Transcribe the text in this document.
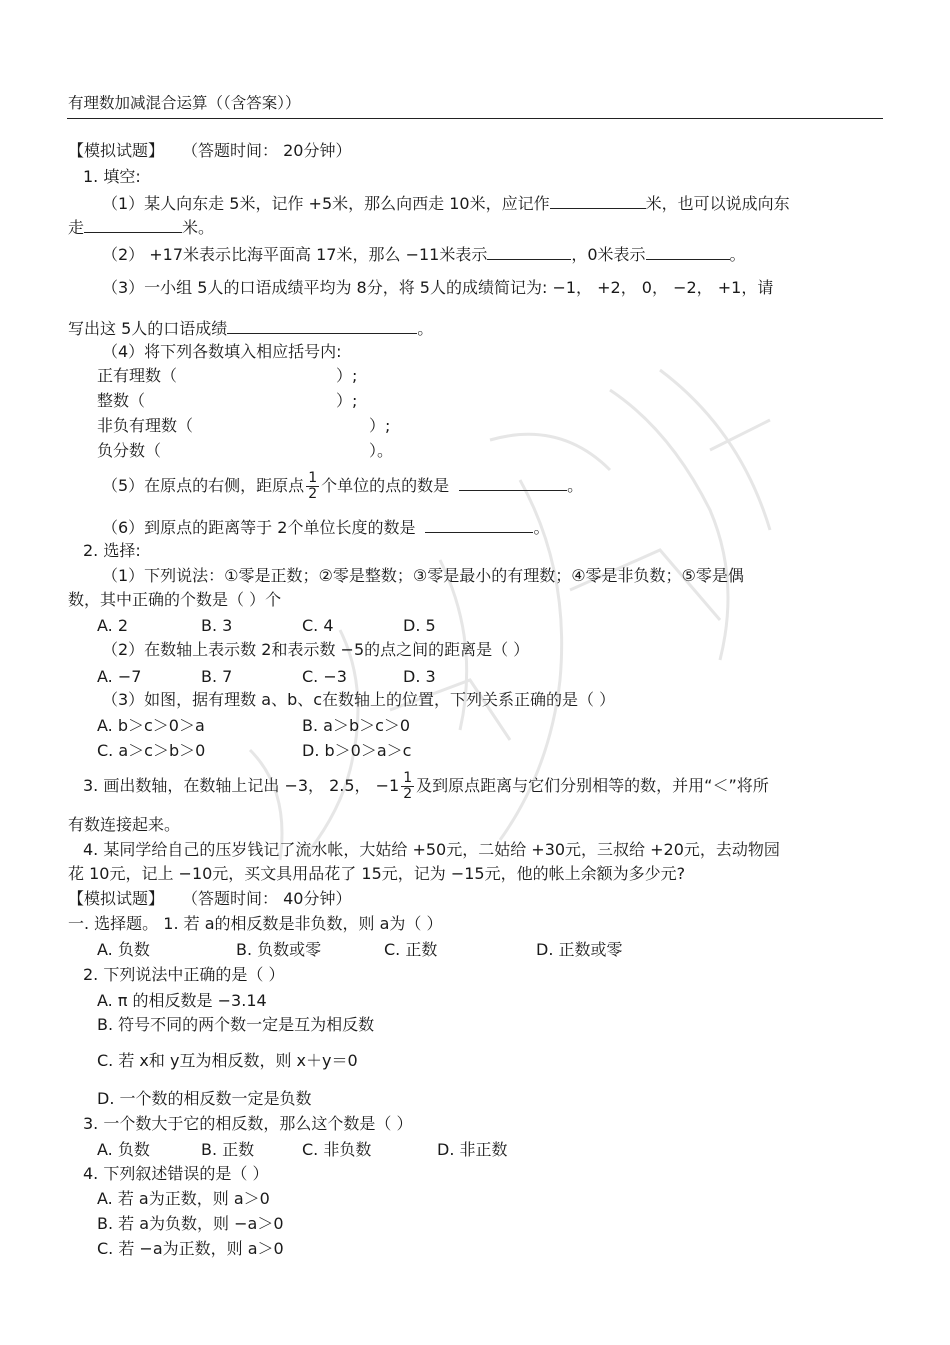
有理数加减混合运算（（含答案））
【模拟试题】 （答题时间： 20分钟）
1. 填空:
（1）某人向东走 5米，记作 +5米，那么向西走 10米，应记作	米，也可以说成向东
走	米。
（2） +17米表示比海平面高 17米，那么 −11米表示	，0米表示	。
（3）一小组 5人的口语成绩平均为 8分，将 5人的成绩简记为: −1， +2， 0， −2， +1，请
写出这 5人的口语成绩	。
（4）将下列各数填入相应括号内:
正有理数（	）;
整数（	）;
非负有理数（	）;
负分数（	）。
（5）在原点的右侧，距原点 $\frac{1}{2}$ 个单位的点的数是	。
（6）到原点的距离等于 2个单位长度的数是	。
2. 选择:
（1）下列说法：①零是正数；②零是整数；③零是最小的有理数；④零是非负数；⑤零是偶
数，其中正确的个数是（ ）个
A. 2	B. 3	C. 4	D. 5
（2）在数轴上表示数 2和表示数 −5的点之间的距离是（ ）
A. −7	B. 7	C. −3	D. 3
（3）如图，据有理数 a、b、c在数轴上的位置，下列关系正确的是（ ）
A. b＞c＞0＞a	B. a＞b＞c＞0
C. a＞c＞b＞0	D. b＞0＞a＞c
3. 画出数轴，在数轴上记出 −3， 2.5， $-1 \frac{1}{2}$ 及到原点距离与它们分别相等的数，并用“＜”将所
有数连接起来。
4. 某同学给自己的压岁钱记了流水帐，大姑给 +50元，二姑给 +30元，三叔给 +20元，去动物园
花 10元，记上 −10元，买文具用品花了 15元，记为 −15元，他的帐上余额为多少元?
【模拟试题】 （答题时间： 40分钟）
一. 选择题。 1. 若 a的相反数是非负数，则 a为（ ）
A. 负数	B. 负数或零	C. 正数	D. 正数或零
2. 下列说法中正确的是（ ）
A. π 的相反数是 −3.14
B. 符号不同的两个数一定是互为相反数
C. 若 x和 y互为相反数，则 x＋y＝0
D. 一个数的相反数一定是负数
3. 一个数大于它的相反数，那么这个数是（ ）
A. 负数	B. 正数	C. 非负数	D. 非正数
4. 下列叙述错误的是（ ）
A. 若 a为正数，则 a＞0
B. 若 a为负数，则 −a＞0
C. 若 −a为正数，则 a＞0
